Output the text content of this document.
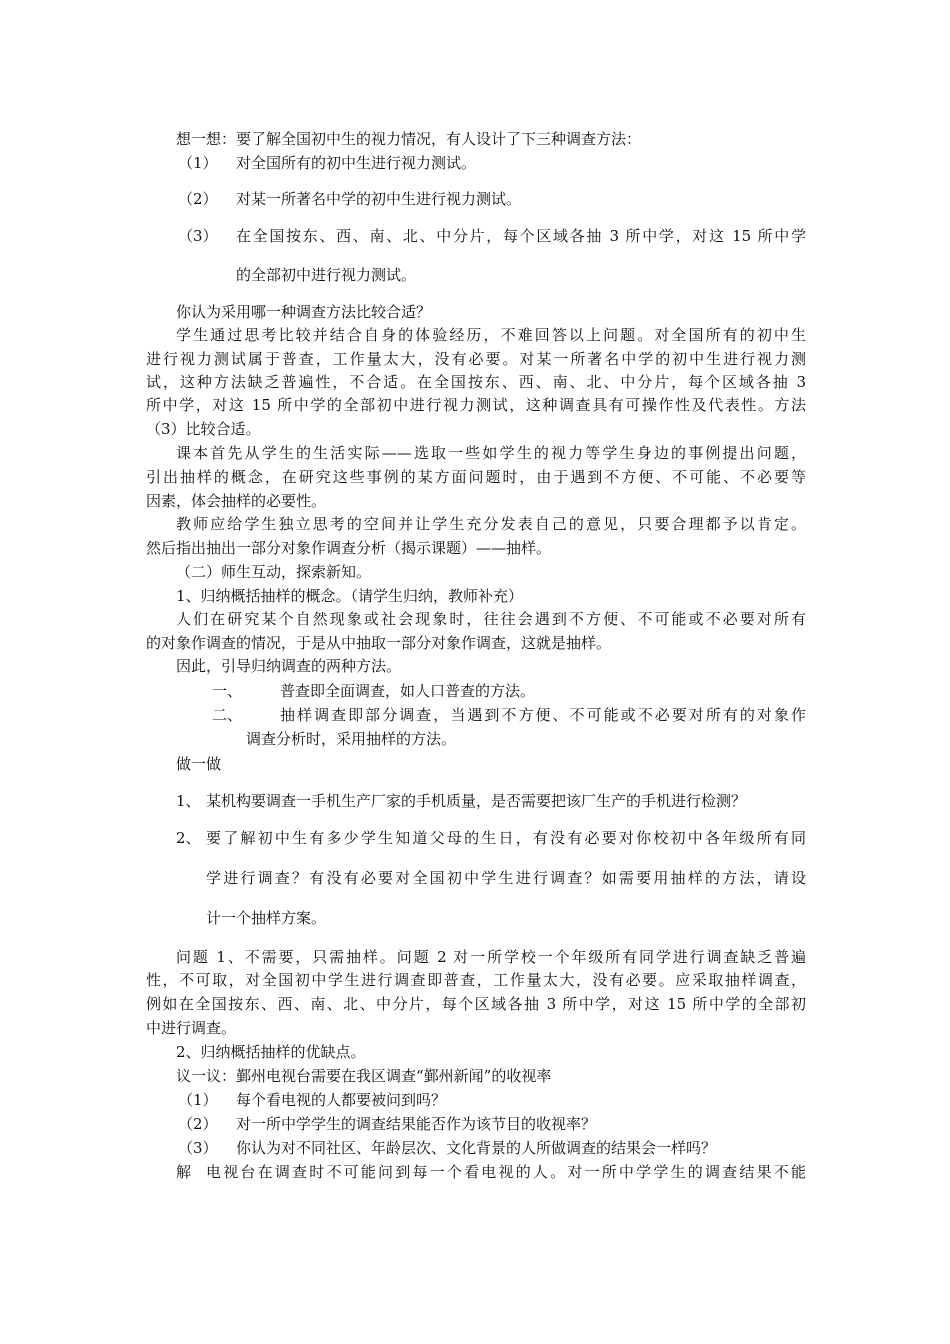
想一想：要了解全国初中生的视力情况，有人设计了下三种调查方法：
（1） 对全国所有的初中生进行视力测试。
（2） 对某一所著名中学的初中生进行视力测试。
（3） 在全国按东、西、南、北、中分片，每个区域各抽 3 所中学，对这 15 所中学
的全部初中进行视力测试。
你认为采用哪一种调查方法比较合适？
学生通过思考比较并结合自身的体验经历，不难回答以上问题。对全国所有的初中生
进行视力测试属于普查，工作量太大，没有必要。对某一所著名中学的初中生进行视力测
试，这种方法缺乏普遍性，不合适。在全国按东、西、南、北、中分片，每个区域各抽 3
所中学，对这 15 所中学的全部初中进行视力测试，这种调查具有可操作性及代表性。方法
（3）比较合适。
课本首先从学生的生活实际——选取一些如学生的视力等学生身边的事例提出问题，
引出抽样的概念，在研究这些事例的某方面问题时，由于遇到不方便、不可能、不必要等
因素，体会抽样的必要性。
教师应给学生独立思考的空间并让学生充分发表自己的意见，只要合理都予以肯定。
然后指出抽出一部分对象作调查分析（揭示课题）——抽样。
（二）师生互动，探索新知。
1、归纳概括抽样的概念。（请学生归纳，教师补充）
人们在研究某个自然现象或社会现象时，往往会遇到不方便、不可能或不必要对所有
的对象作调查的情况，于是从中抽取一部分对象作调查，这就是抽样。
因此，引导归纳调查的两种方法。
一、	普查即全面调查，如人口普查的方法。
二、	抽样调查即部分调查，当遇到不方便、不可能或不必要对所有的对象作
调查分析时，采用抽样的方法。
做一做
1、 某机构要调查一手机生产厂家的手机质量，是否需要把该厂生产的手机进行检测？
2、 要了解初中生有多少学生知道父母的生日，有没有必要对你校初中各年级所有同
学进行调查？有没有必要对全国初中学生进行调查？如需要用抽样的方法，请设
计一个抽样方案。
问题 1、不需要，只需抽样。问题 2 对一所学校一个年级所有同学进行调查缺乏普遍
性，不可取，对全国初中学生进行调查即普查，工作量太大，没有必要。应采取抽样调查，
例如在全国按东、西、南、北、中分片，每个区域各抽 3 所中学，对这 15 所中学的全部初
中进行调查。
2、归纳概括抽样的优缺点。
议一议：鄞州电视台需要在我区调查“鄞州新闻”的收视率
（1） 每个看电视的人都要被问到吗？
（2） 对一所中学学生的调查结果能否作为该节目的收视率？
（3） 你认为对不同社区、年龄层次、文化背景的人所做调查的结果会一样吗？
解 电视台在调查时不可能问到每一个看电视的人。对一所中学学生的调查结果不能
